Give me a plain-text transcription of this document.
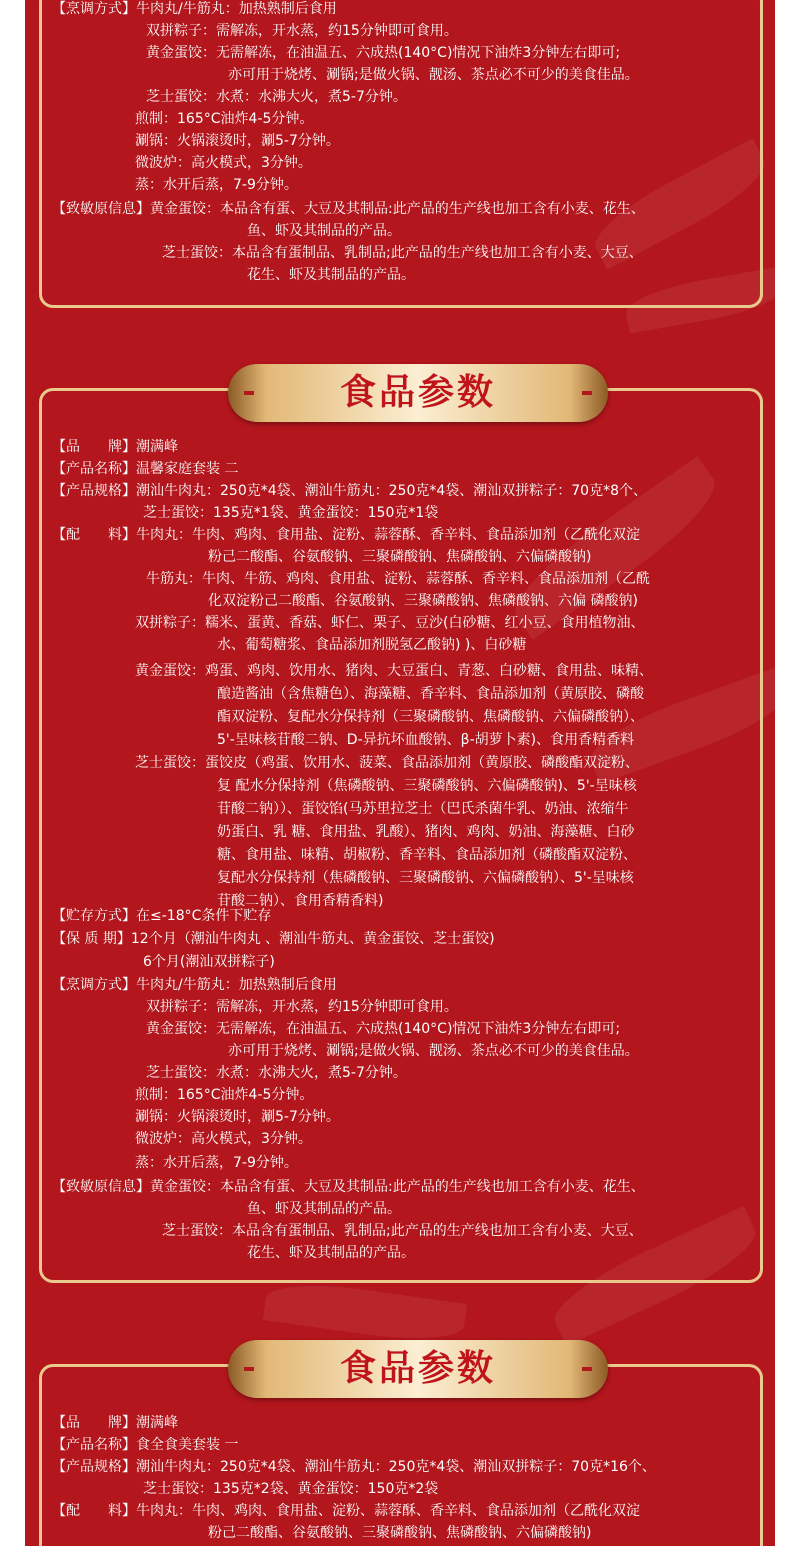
【烹调方式】牛肉丸/牛筋丸：加热熟制后食用
双拼粽子：需解冻，开水蒸，约15分钟即可食用。
黄金蛋饺：无需解冻，在油温五、六成热(140°C)情况下油炸3分钟左右即可;
亦可用于烧烤、涮锅;是做火锅、靓汤、茶点必不可少的美食佳品。
芝士蛋饺：水煮：水沸大火，煮5-7分钟。
煎制：165°C油炸4-5分钟。
涮锅：火锅滚烫时，涮5-7分钟。
微波炉：高火模式，3分钟。
蒸：水开后蒸，7-9分钟。
【致敏原信息】黄金蛋饺：本品含有蛋、大豆及其制品:此产品的生产线也加工含有小麦、花生、
鱼、虾及其制品的产品。
芝士蛋饺：本品含有蛋制品、乳制品;此产品的生产线也加工含有小麦、大豆、
花生、虾及其制品的产品。
食品参数
【品　　牌】潮满峰
【产品名称】温馨家庭套装 二
【产品规格】潮汕牛肉丸：250克*4袋、潮汕牛筋丸：250克*4袋、潮汕双拼粽子：70克*8个、
芝士蛋饺：135克*1袋、黄金蛋饺：150克*1袋
【配　　料】牛肉丸：牛肉、鸡肉、食用盐、淀粉、蒜蓉酥、香辛料、食品添加剂（乙酰化双淀
粉己二酸酯、谷氨酸钠、三聚磷酸钠、焦磷酸钠、六偏磷酸钠)
牛筋丸：牛肉、牛筋、鸡肉、食用盐、淀粉、蒜蓉酥、香辛料、食品添加剂（乙酰
化双淀粉己二酸酯、谷氨酸钠、三聚磷酸钠、焦磷酸钠、六偏 磷酸钠)
双拼粽子：糯米、蛋黄、香菇、虾仁、栗子、豆沙(白砂糖、红小豆、食用植物油、
水、葡萄糖浆、食品添加剂脱氢乙酸钠) )、白砂糖
黄金蛋饺：鸡蛋、鸡肉、饮用水、猪肉、大豆蛋白、青葱、白砂糖、食用盐、味精、
酿造酱油（含焦糖色）、海藻糖、香辛料、食品添加剂（黄原胶、磷酸
酯双淀粉、复配水分保持剂（三聚磷酸钠、焦磷酸钠、六偏磷酸钠）、
5'-呈味核苷酸二钠、D-异抗坏血酸钠、β-胡萝卜素)、食用香精香料
芝士蛋饺：蛋饺皮（鸡蛋、饮用水、菠菜、食品添加剂（黄原胶、磷酸酯双淀粉、
复 配水分保持剂（焦磷酸钠、三聚磷酸钠、六偏磷酸钠)、5'-呈味核
苷酸二钠））、蛋饺馅(马苏里拉芝士（巴氏杀菌牛乳、奶油、浓缩牛
奶蛋白、乳 糖、食用盐、乳酸）、猪肉、鸡肉、奶油、海藻糖、白砂
糖、食用盐、味精、胡椒粉、香辛料、食品添加剂（磷酸酯双淀粉、
复配水分保持剂（焦磷酸钠、三聚磷酸钠、六偏磷酸钠）、5'-呈味核
苷酸二钠）、食用香精香料)
【贮存方式】在≤-18°C条件下贮存
【保 质 期】12个月（潮汕牛肉丸 、潮汕牛筋丸、黄金蛋饺、芝士蛋饺)
6个月(潮汕双拼粽子)
【烹调方式】牛肉丸/牛筋丸：加热熟制后食用
双拼粽子：需解冻，开水蒸，约15分钟即可食用。
黄金蛋饺：无需解冻，在油温五、六成热(140°C)情况下油炸3分钟左右即可;
亦可用于烧烤、涮锅;是做火锅、靓汤、茶点必不可少的美食佳品。
芝士蛋饺：水煮：水沸大火，煮5-7分钟。
煎制：165°C油炸4-5分钟。
涮锅：火锅滚烫时，涮5-7分钟。
微波炉：高火模式，3分钟。
蒸：水开后蒸，7-9分钟。
【致敏原信息】黄金蛋饺：本品含有蛋、大豆及其制品:此产品的生产线也加工含有小麦、花生、
鱼、虾及其制品的产品。
芝士蛋饺：本品含有蛋制品、乳制品;此产品的生产线也加工含有小麦、大豆、
花生、虾及其制品的产品。
食品参数
【品　　牌】潮满峰
【产品名称】食全食美套装 一
【产品规格】潮汕牛肉丸：250克*4袋、潮汕牛筋丸：250克*4袋、潮汕双拼粽子：70克*16个、
芝士蛋饺：135克*2袋、黄金蛋饺：150克*2袋
【配　　料】牛肉丸：牛肉、鸡肉、食用盐、淀粉、蒜蓉酥、香辛料、食品添加剂（乙酰化双淀
粉己二酸酯、谷氨酸钠、三聚磷酸钠、焦磷酸钠、六偏磷酸钠)
